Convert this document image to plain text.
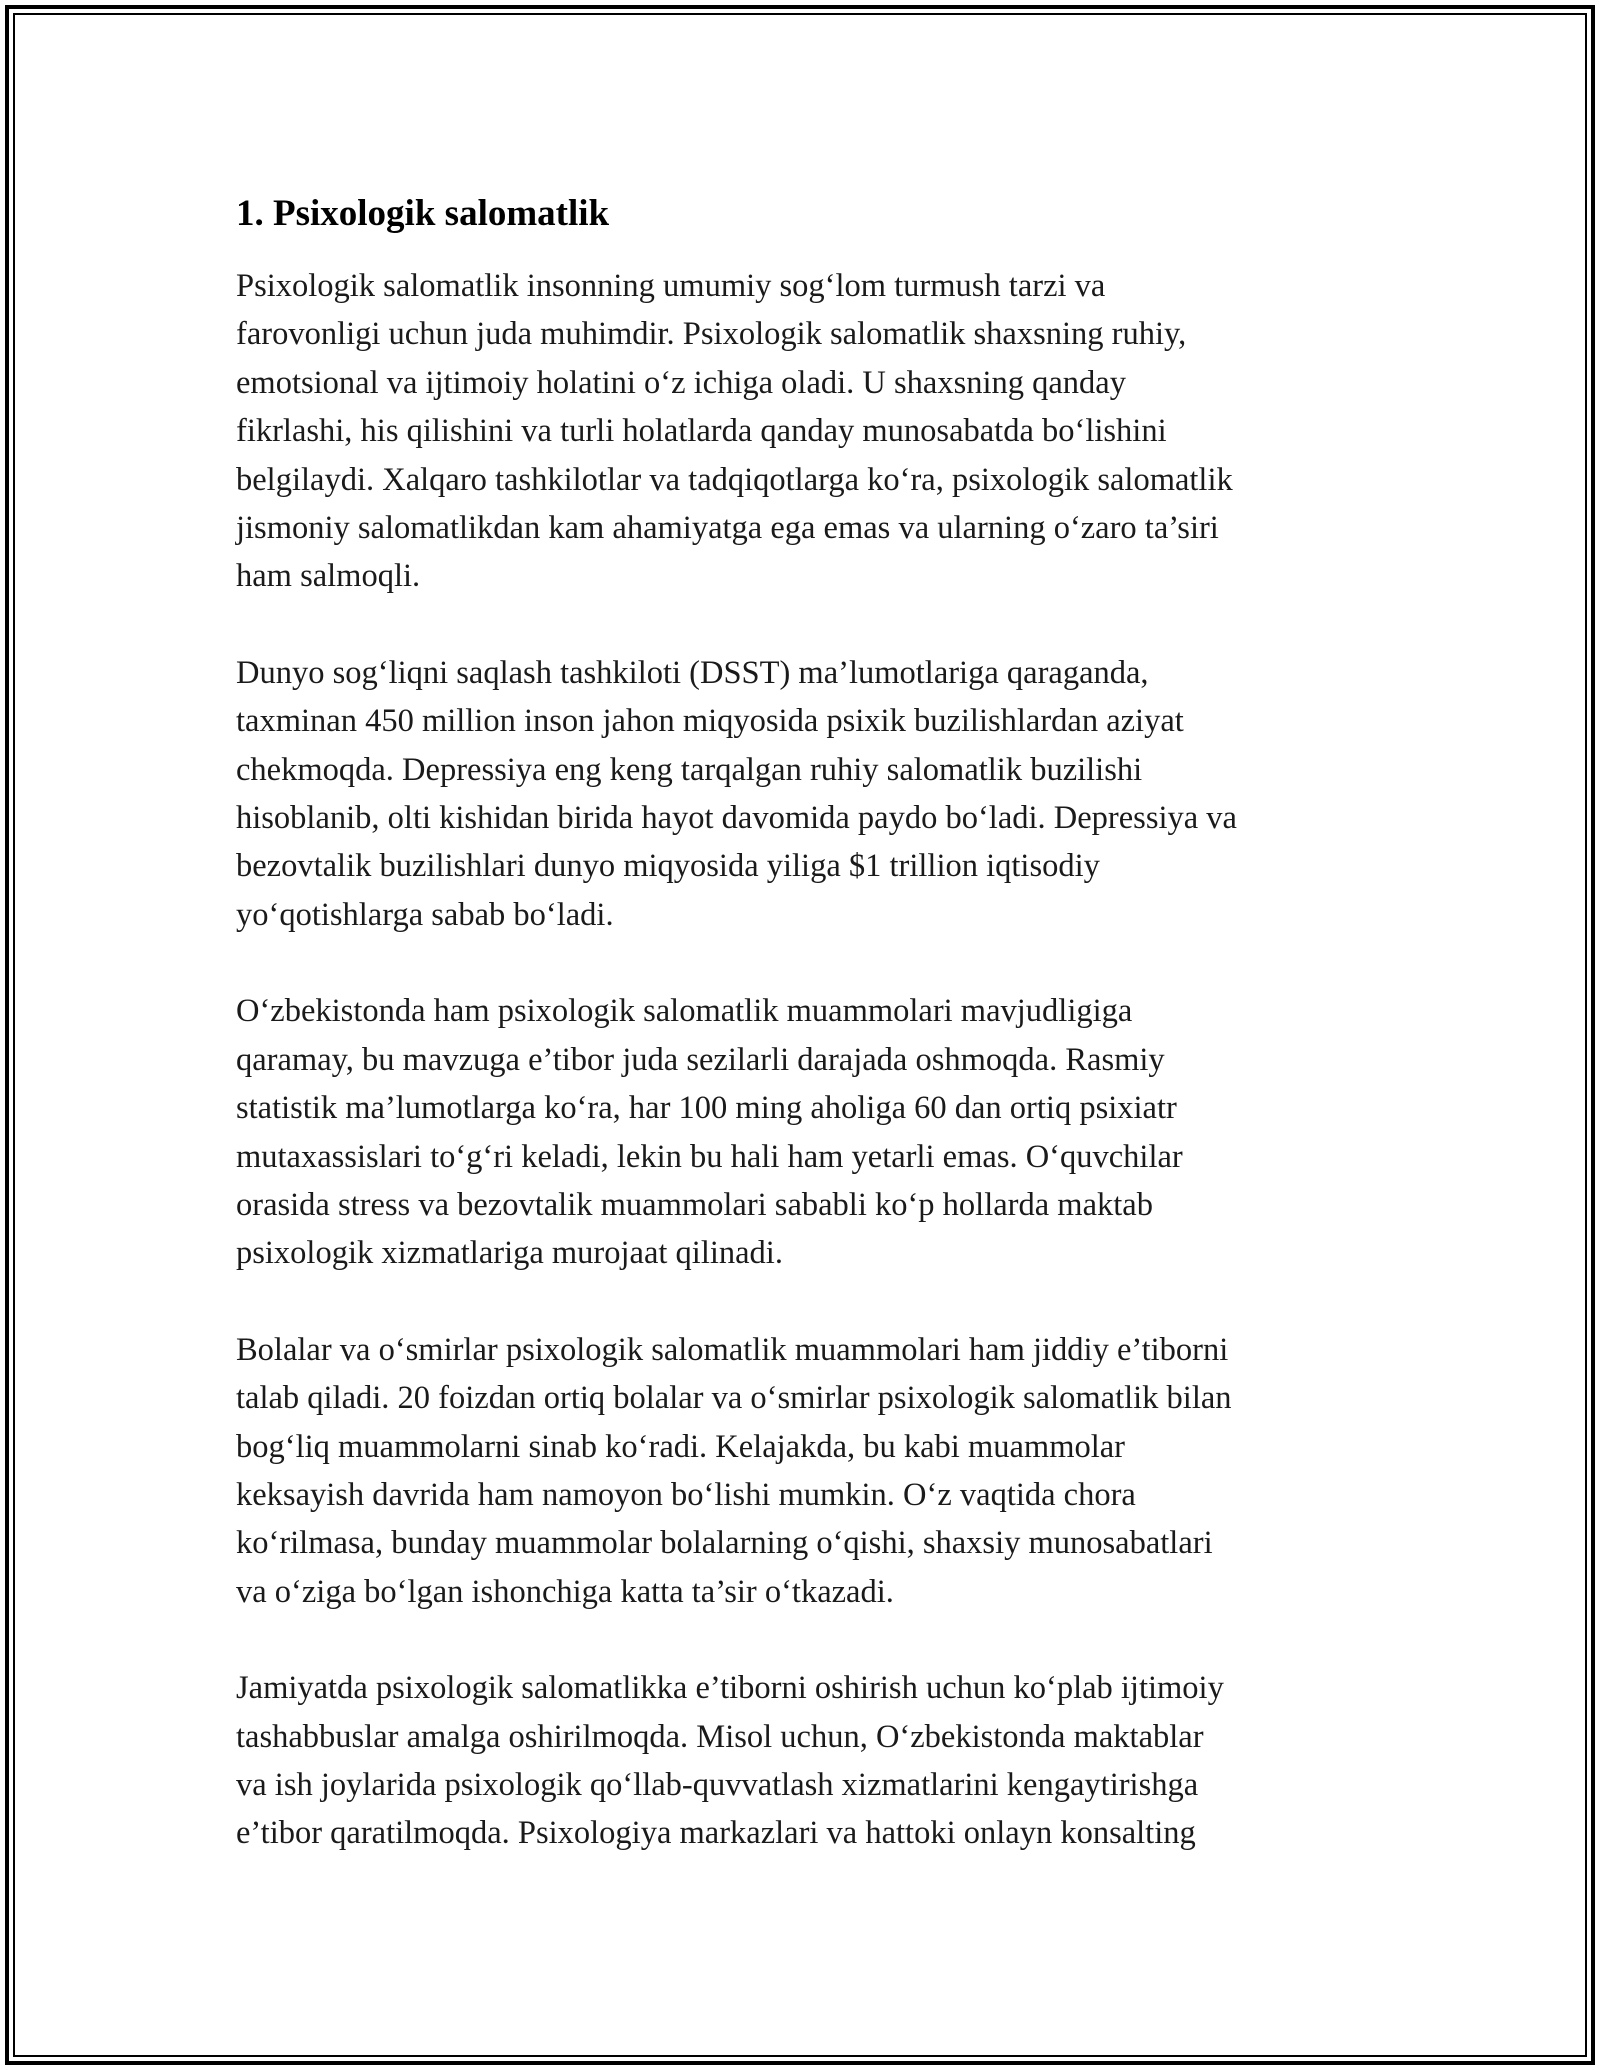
1. Psixologik salomatlik

Psixologik salomatlik insonning umumiy sog‘lom turmush tarzi va
farovonligi uchun juda muhimdir. Psixologik salomatlik shaxsning ruhiy,
emotsional va ijtimoiy holatini o‘z ichiga oladi. U shaxsning qanday
fikrlashi, his qilishini va turli holatlarda qanday munosabatda bo‘lishini
belgilaydi. Xalqaro tashkilotlar va tadqiqotlarga ko‘ra, psixologik salomatlik
jismoniy salomatlikdan kam ahamiyatga ega emas va ularning o‘zaro ta’siri
ham salmoqli.

Dunyo sog‘liqni saqlash tashkiloti (DSST) ma’lumotlariga qaraganda,
taxminan 450 million inson jahon miqyosida psixik buzilishlardan aziyat
chekmoqda. Depressiya eng keng tarqalgan ruhiy salomatlik buzilishi
hisoblanib, olti kishidan birida hayot davomida paydo bo‘ladi. Depressiya va
bezovtalik buzilishlari dunyo miqyosida yiliga $1 trillion iqtisodiy
yo‘qotishlarga sabab bo‘ladi.

O‘zbekistonda ham psixologik salomatlik muammolari mavjudligiga
qaramay, bu mavzuga e’tibor juda sezilarli darajada oshmoqda. Rasmiy
statistik ma’lumotlarga ko‘ra, har 100 ming aholiga 60 dan ortiq psixiatr
mutaxassislari to‘g‘ri keladi, lekin bu hali ham yetarli emas. O‘quvchilar
orasida stress va bezovtalik muammolari sababli ko‘p hollarda maktab
psixologik xizmatlariga murojaat qilinadi.

Bolalar va o‘smirlar psixologik salomatlik muammolari ham jiddiy e’tiborni
talab qiladi. 20 foizdan ortiq bolalar va o‘smirlar psixologik salomatlik bilan
bog‘liq muammolarni sinab ko‘radi. Kelajakda, bu kabi muammolar
keksayish davrida ham namoyon bo‘lishi mumkin. O‘z vaqtida chora
ko‘rilmasa, bunday muammolar bolalarning o‘qishi, shaxsiy munosabatlari
va o‘ziga bo‘lgan ishonchiga katta ta’sir o‘tkazadi.

Jamiyatda psixologik salomatlikka e’tiborni oshirish uchun ko‘plab ijtimoiy
tashabbuslar amalga oshirilmoqda. Misol uchun, O‘zbekistonda maktablar
va ish joylarida psixologik qo‘llab-quvvatlash xizmatlarini kengaytirishga
e’tibor qaratilmoqda. Psixologiya markazlari va hattoki onlayn konsalting
